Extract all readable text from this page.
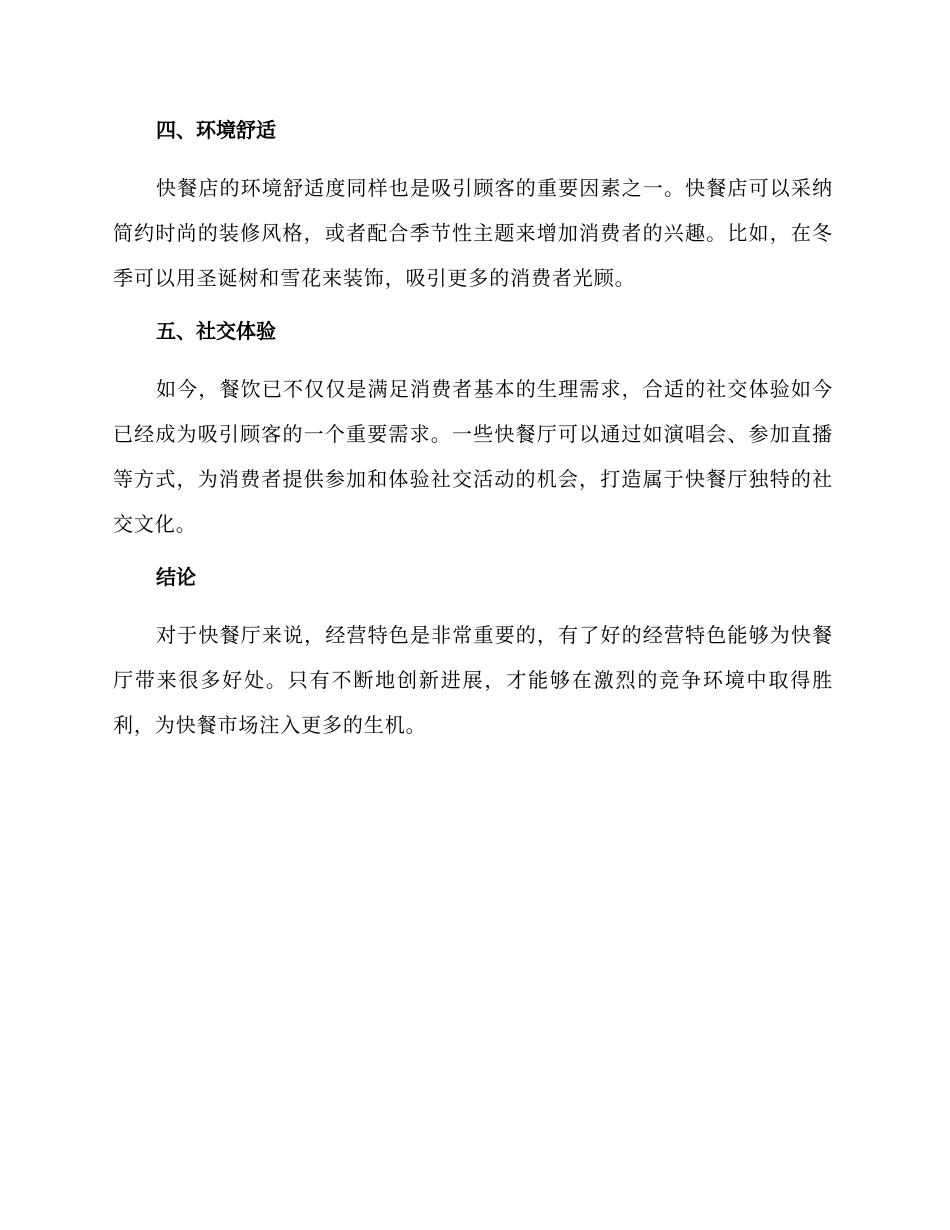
四、环境舒适

快餐店的环境舒适度同样也是吸引顾客的重要因素之一。快餐店可以采纳简约时尚的装修风格，或者配合季节性主题来增加消费者的兴趣。比如，在冬季可以用圣诞树和雪花来装饰，吸引更多的消费者光顾。

五、社交体验

如今，餐饮已不仅仅是满足消费者基本的生理需求，合适的社交体验如今已经成为吸引顾客的一个重要需求。一些快餐厅可以通过如演唱会、参加直播等方式，为消费者提供参加和体验社交活动的机会，打造属于快餐厅独特的社交文化。

结论

对于快餐厅来说，经营特色是非常重要的，有了好的经营特色能够为快餐厅带来很多好处。只有不断地创新进展，才能够在激烈的竞争环境中取得胜利，为快餐市场注入更多的生机。
